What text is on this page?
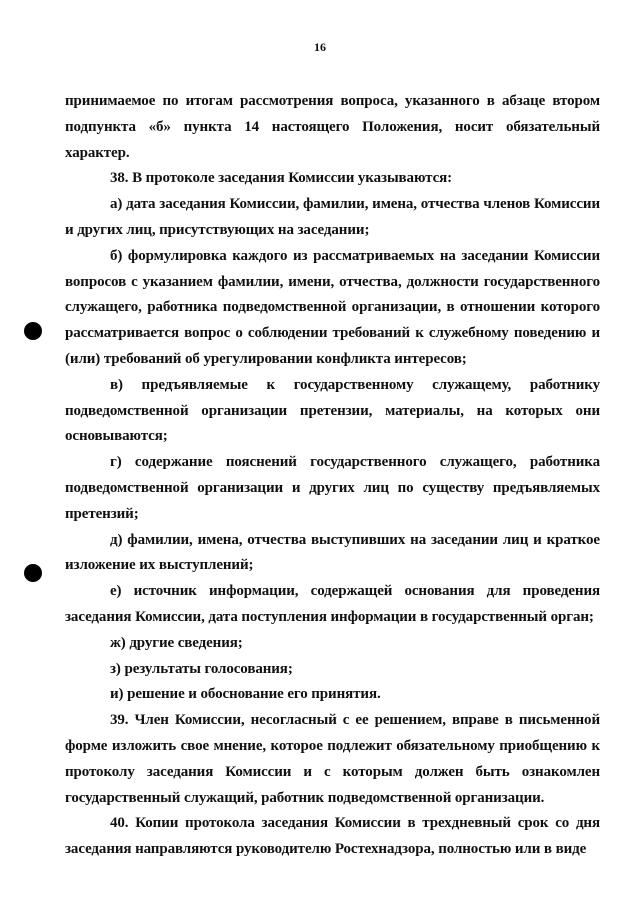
16

принимаемое по итогам рассмотрения вопроса, указанного в абзаце втором подпункта «б» пункта 14 настоящего Положения, носит обязательный характер.

38. В протоколе заседания Комиссии указываются:

а) дата заседания Комиссии, фамилии, имена, отчества членов Комиссии и других лиц, присутствующих на заседании;

б) формулировка каждого из рассматриваемых на заседании Комиссии вопросов с указанием фамилии, имени, отчества, должности государственного служащего, работника подведомственной организации, в отношении которого рассматривается вопрос о соблюдении требований к служебному поведению и (или) требований об урегулировании конфликта интересов;

в) предъявляемые к государственному служащему, работнику подведомственной организации претензии, материалы, на которых они основываются;

г) содержание пояснений государственного служащего, работника подведомственной организации и других лиц по существу предъявляемых претензий;

д) фамилии, имена, отчества выступивших на заседании лиц и краткое изложение их выступлений;

е) источник информации, содержащей основания для проведения заседания Комиссии, дата поступления информации в государственный орган;

ж) другие сведения;

з) результаты голосования;

и) решение и обоснование его принятия.

39. Член Комиссии, несогласный с ее решением, вправе в письменной форме изложить свое мнение, которое подлежит обязательному приобщению к протоколу заседания Комиссии и с которым должен быть ознакомлен государственный служащий, работник подведомственной организации.

40. Копии протокола заседания Комиссии в трехдневный срок со дня заседания направляются руководителю Ростехнадзора, полностью или в виде
